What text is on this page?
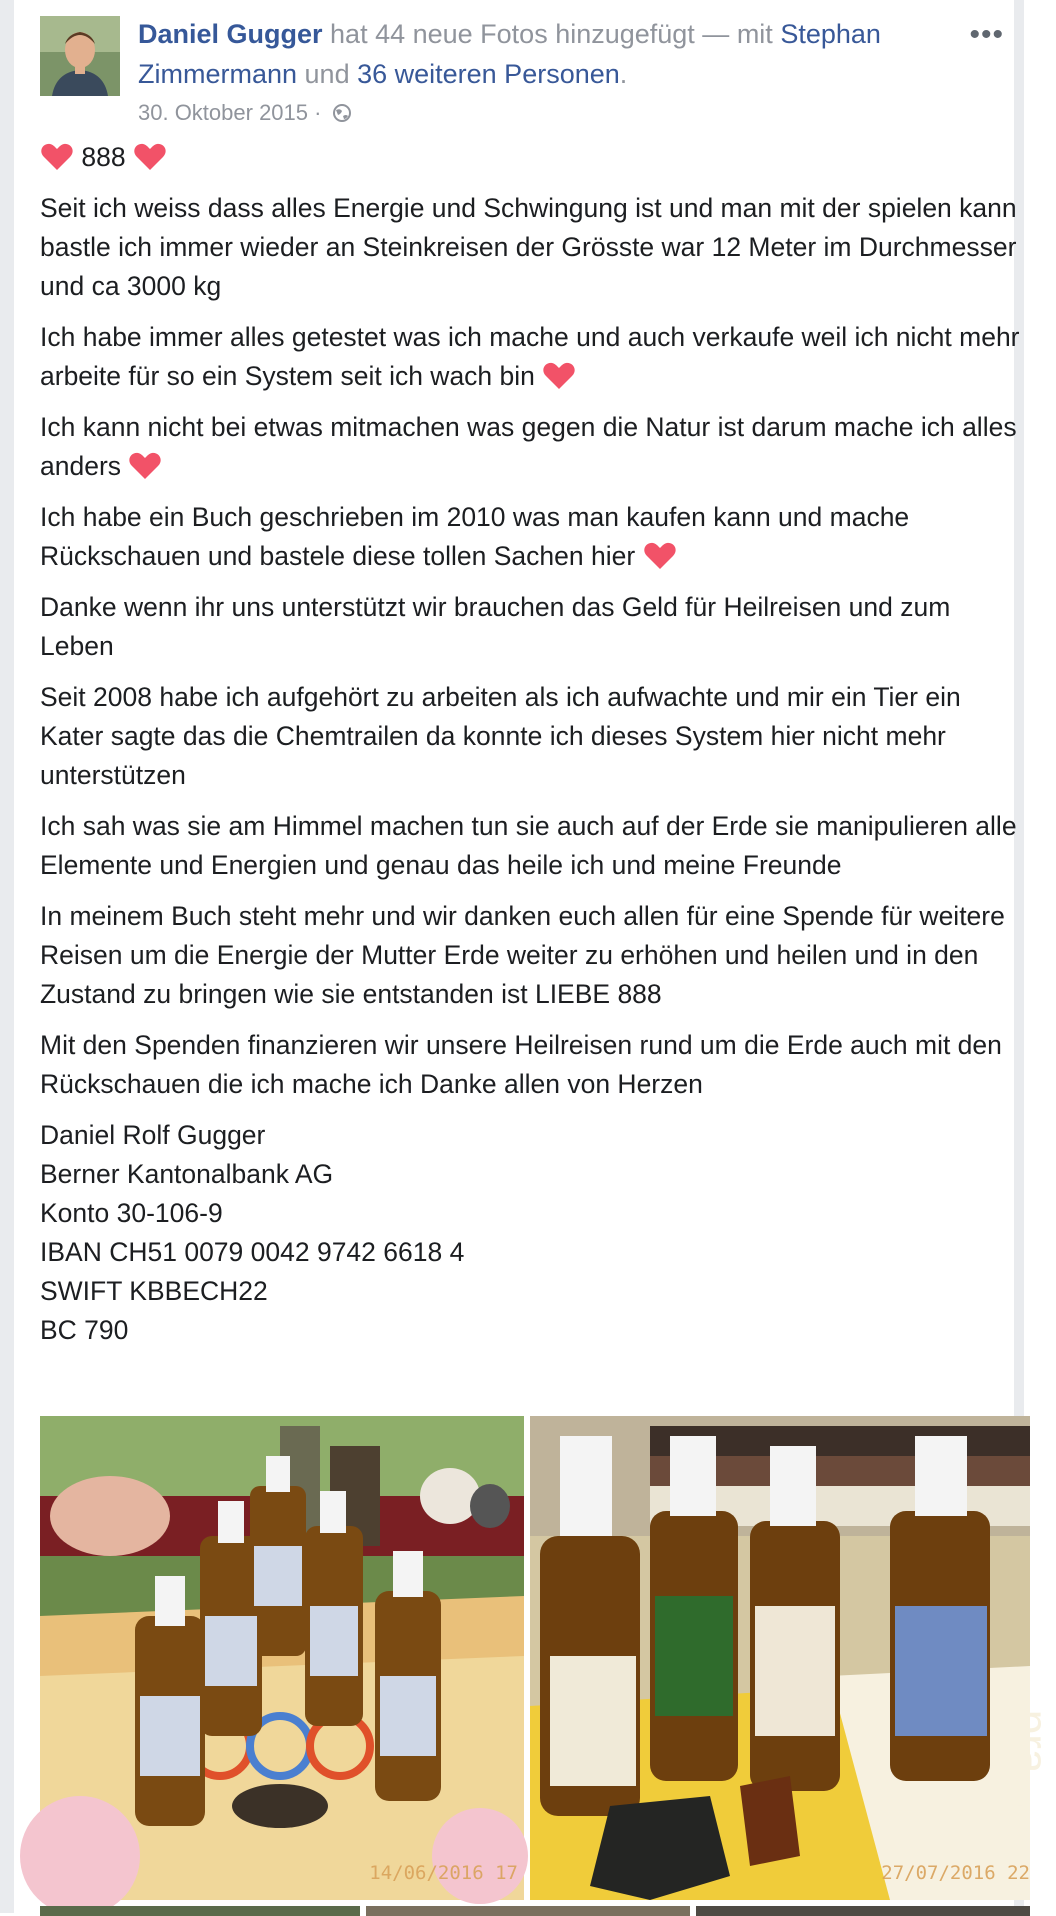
Daniel Gugger hat 44 neue Fotos hinzugefügt — mit Stephan Zimmermann und 36 weiteren Personen.
30. Oktober 2015 ·
•••

888

Seit ich weiss dass alles Energie und Schwingung ist und man mit der spielen kann bastle ich immer wieder an Steinkreisen der Grösste war 12 Meter im Durchmesser und ca 3000 kg

Ich habe immer alles getestet was ich mache und auch verkaufe weil ich nicht mehr arbeite für so ein System seit ich wach bin

Ich kann nicht bei etwas mitmachen was gegen die Natur ist darum mache ich alles anders

Ich habe ein Buch geschrieben im 2010 was man kaufen kann und mache Rückschauen und bastele diese tollen Sachen hier

Danke wenn ihr uns unterstützt wir brauchen das Geld für Heilreisen und zum Leben

Seit 2008 habe ich aufgehört zu arbeiten als ich aufwachte und mir ein Tier ein Kater sagte das die Chemtrailen da konnte ich dieses System hier nicht mehr unterstützen

Ich sah was sie am Himmel machen tun sie auch auf der Erde sie manipulieren alle Elemente und Energien und genau das heile ich und meine Freunde

In meinem Buch steht mehr und wir danken euch allen für eine Spende für weitere Reisen um die Energie der Mutter Erde weiter zu erhöhen und heilen und in den Zustand zu bringen wie sie entstanden ist LIEBE 888

Mit den Spenden finanzieren wir unsere Heilreisen rund um die Erde auch mit den Rückschauen die ich mache ich Danke allen von Herzen

Daniel Rolf Gugger

Berner Kantonalbank AG

Konto 30-106-9

IBAN CH51 0079 0042 9742 6618 4

SWIFT KBBECH22

BC 790

14/06/2016 17
pra...
27/07/2016 22
